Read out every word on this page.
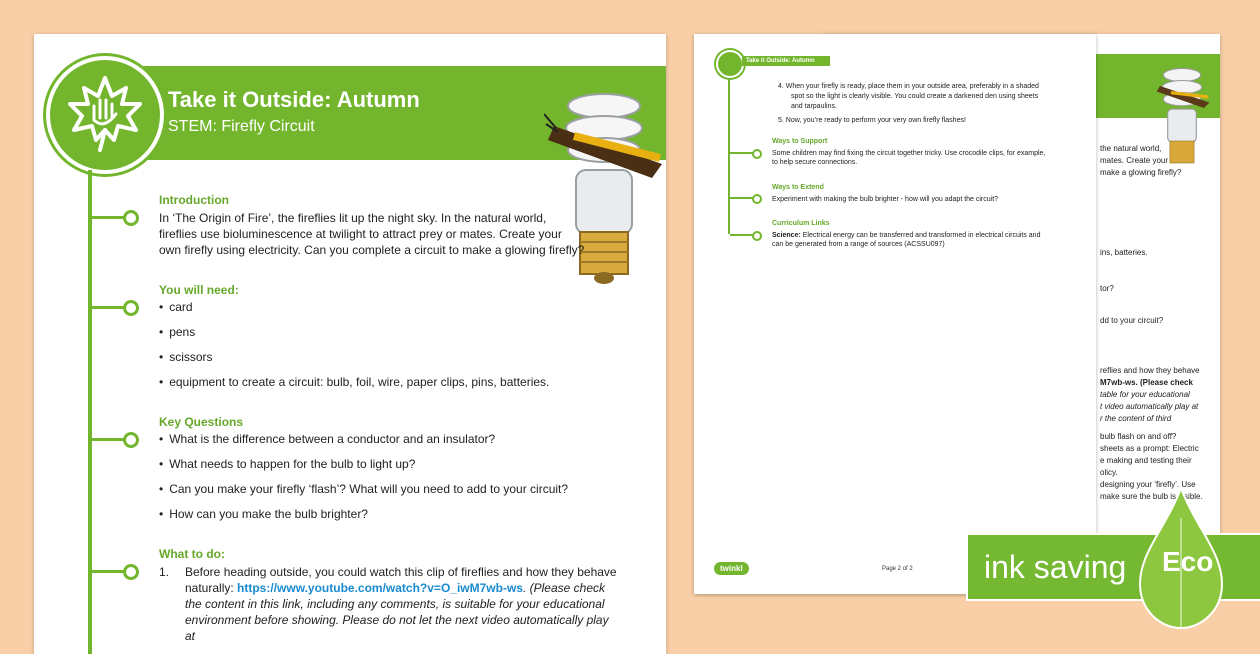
the natural world,
mates. Create your
make a glowing firefly?
ins, batteries.
tor?
dd to your circuit?
reflies and how they behave
M7wb-ws. (Please check
table for your educational
t video automatically play at
r the content of third
bulb flash on and off?
sheets as a prompt: Electric
e making and testing their
olicy.
designing your ‘firefly’. Use
make sure the bulb is visible.
Take it Outside: Autumn
4. When your firefly is ready, place them in your outside area, preferably in a shaded
spot so the light is clearly visible. You could create a darkened den using sheets
and tarpaulins.
5. Now, you’re ready to perform your very own firefly flashes!
Ways to Support
Some children may find fixing the circuit together tricky. Use crocodile clips, for example,
to help secure connections.
Ways to Extend
Experiment with making the bulb brighter - how will you adapt the circuit?
Curriculum Links
Science: Electrical energy can be transferred and transformed in electrical circuits and
can be generated from a range of sources (ACSSU097)
twinkl	Page 2 of 2
Take it Outside: Autumn
STEM: Firefly Circuit
Introduction
In ‘The Origin of Fire’, the fireflies lit up the night sky. In the natural world,
fireflies use bioluminescence at twilight to attract prey or mates. Create your
own firefly using electricity. Can you complete a circuit to make a glowing firefly?
You will need:
• card
• pens
• scissors
• equipment to create a circuit: bulb, foil, wire, paper clips, pins, batteries.
Key Questions
• What is the difference between a conductor and an insulator?
• What needs to happen for the bulb to light up?
• Can you make your firefly ‘flash’? What will you need to add to your circuit?
• How can you make the bulb brighter?
What to do:
1. Before heading outside, you could watch this clip of fireflies and how they behave
naturally: https://www.youtube.com/watch?v=O_iwM7wb-ws. (Please check
the content in this link, including any comments, is suitable for your educational
environment before showing. Please do not let the next video automatically play at
ink saving Eco
